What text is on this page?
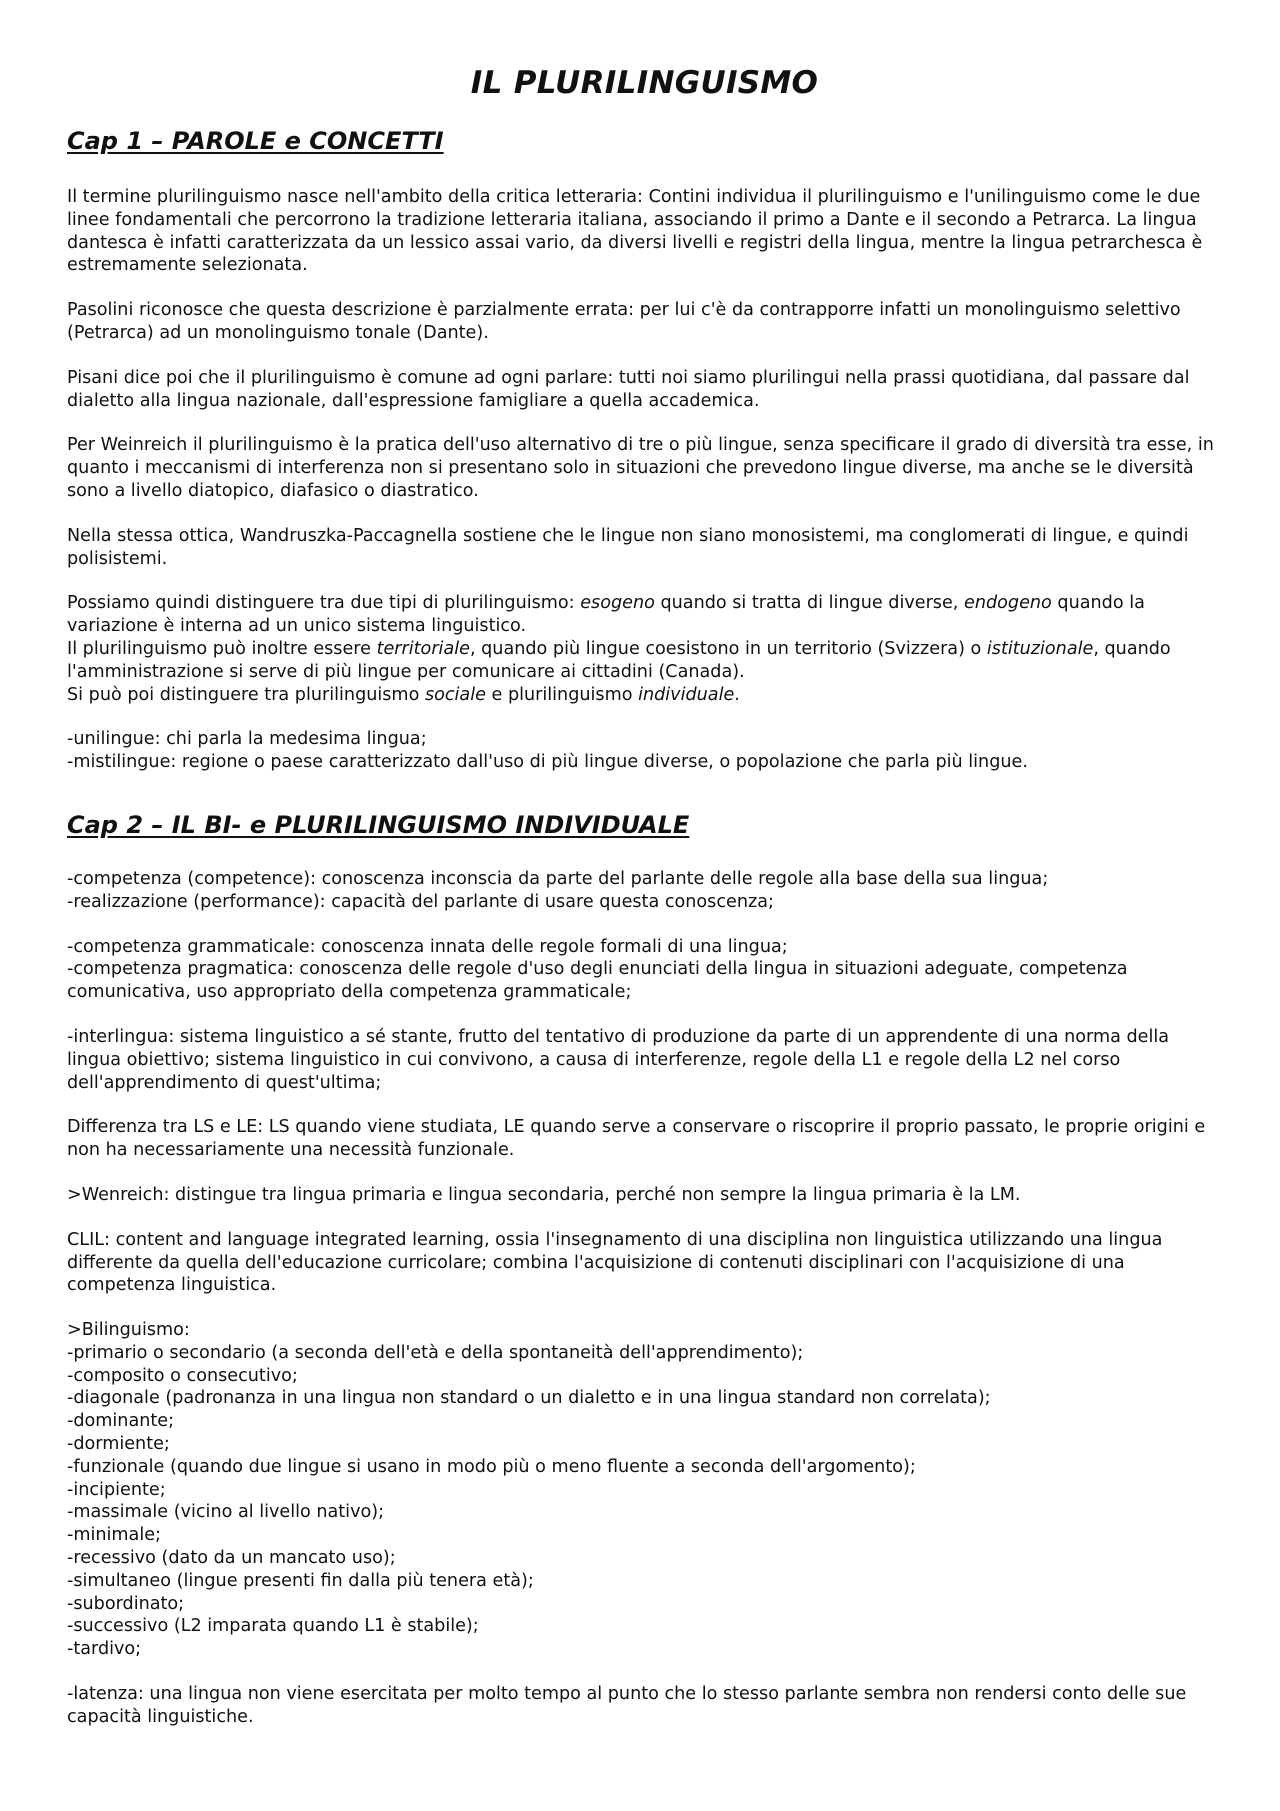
IL PLURILINGUISMO
Cap 1 – PAROLE e CONCETTI

Il termine plurilinguismo nasce nell'ambito della critica letteraria: Contini individua il plurilinguismo e l'unilinguismo come le due linee fondamentali che percorrono la tradizione letteraria italiana, associando il primo a Dante e il secondo a Petrarca. La lingua dantesca è infatti caratterizzata da un lessico assai vario, da diversi livelli e registri della lingua, mentre la lingua petrarchesca è estremamente selezionata.

Pasolini riconosce che questa descrizione è parzialmente errata: per lui c'è da contrapporre infatti un monolinguismo selettivo (Petrarca) ad un monolinguismo tonale (Dante).

Pisani dice poi che il plurilinguismo è comune ad ogni parlare: tutti noi siamo plurilingui nella prassi quotidiana, dal passare dal dialetto alla lingua nazionale, dall'espressione famigliare a quella accademica.

Per Weinreich il plurilinguismo è la pratica dell'uso alternativo di tre o più lingue, senza specificare il grado di diversità tra esse, in quanto i meccanismi di interferenza non si presentano solo in situazioni che prevedono lingue diverse, ma anche se le diversità sono a livello diatopico, diafasico o diastratico.

Nella stessa ottica, Wandruszka-Paccagnella sostiene che le lingue non siano monosistemi, ma conglomerati di lingue, e quindi polisistemi.

Possiamo quindi distinguere tra due tipi di plurilinguismo: esogeno quando si tratta di lingue diverse, endogeno quando la variazione è interna ad un unico sistema linguistico.

Il plurilinguismo può inoltre essere territoriale, quando più lingue coesistono in un territorio (Svizzera) o istituzionale, quando l'amministrazione si serve di più lingue per comunicare ai cittadini (Canada).

Si può poi distinguere tra plurilinguismo sociale e plurilinguismo individuale.

-unilingue: chi parla la medesima lingua;

-mistilingue: regione o paese caratterizzato dall'uso di più lingue diverse, o popolazione che parla più lingue.

Cap 2 – IL BI- e PLURILINGUISMO INDIVIDUALE

-competenza (competence): conoscenza inconscia da parte del parlante delle regole alla base della sua lingua;

-realizzazione (performance): capacità del parlante di usare questa conoscenza;

-competenza grammaticale: conoscenza innata delle regole formali di una lingua;

-competenza pragmatica: conoscenza delle regole d'uso degli enunciati della lingua in situazioni adeguate, competenza comunicativa, uso appropriato della competenza grammaticale;

-interlingua: sistema linguistico a sé stante, frutto del tentativo di produzione da parte di un apprendente di una norma della lingua obiettivo; sistema linguistico in cui convivono, a causa di interferenze, regole della L1 e regole della L2 nel corso dell'apprendimento di quest'ultima;

Differenza tra LS e LE: LS quando viene studiata, LE quando serve a conservare o riscoprire il proprio passato, le proprie origini e non ha necessariamente una necessità funzionale.

>Wenreich: distingue tra lingua primaria e lingua secondaria, perché non sempre la lingua primaria è la LM.

CLIL: content and language integrated learning, ossia l'insegnamento di una disciplina non linguistica utilizzando una lingua differente da quella dell'educazione curricolare; combina l'acquisizione di contenuti disciplinari con l'acquisizione di una competenza linguistica.

>Bilinguismo:

-primario o secondario (a seconda dell'età e della spontaneità dell'apprendimento);

-composito o consecutivo;

-diagonale (padronanza in una lingua non standard o un dialetto e in una lingua standard non correlata);

-dominante;

-dormiente;

-funzionale (quando due lingue si usano in modo più o meno fluente a seconda dell'argomento);

-incipiente;

-massimale (vicino al livello nativo);

-minimale;

-recessivo (dato da un mancato uso);

-simultaneo (lingue presenti fin dalla più tenera età);

-subordinato;

-successivo (L2 imparata quando L1 è stabile);

-tardivo;

-latenza: una lingua non viene esercitata per molto tempo al punto che lo stesso parlante sembra non rendersi conto delle sue capacità linguistiche.
